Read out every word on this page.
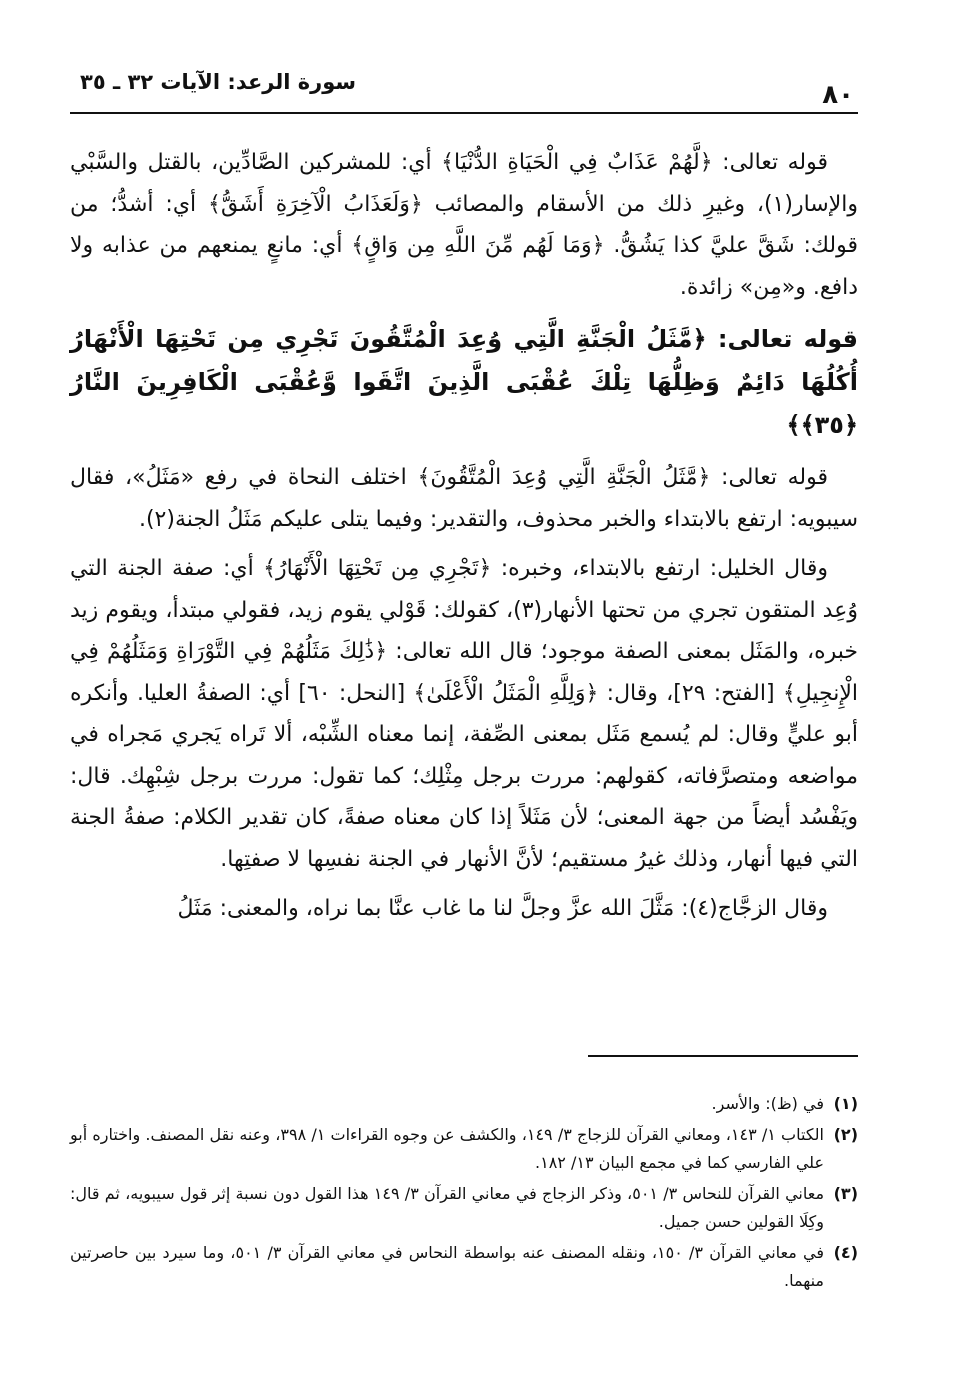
٨٠
سورة الرعد: الآيات ٣٢ ـ ٣٥

قوله تعالى: ﴿لَّهُمْ عَذَابٌ فِي الْحَيَاةِ الدُّنْيَا﴾ أي: للمشركين الصَّادِّين، بالقتل والسَّبْي والإسار(١)، وغيرِ ذلك من الأسقام والمصائب ﴿وَلَعَذَابُ الْآخِرَةِ أَشَقُّ﴾ أي: أشدُّ؛ من قولك: شَقَّ عليَّ كذا يَشُقُّ. ﴿وَمَا لَهُم مِّنَ اللَّهِ مِن وَاقٍ﴾ أي: مانعٍ يمنعهم من عذابه ولا دافع. و«مِن» زائدة.

قوله تعالى: ﴿مَّثَلُ الْجَنَّةِ الَّتِي وُعِدَ الْمُتَّقُونَ تَجْرِي مِن تَحْتِهَا الْأَنْهَارُ أُكُلُهَا دَائِمٌ وَظِلُّهَا تِلْكَ عُقْبَى الَّذِينَ اتَّقَوا وَّعُقْبَى الْكَافِرِينَ النَّارُ ﴿٣٥﴾﴾

قوله تعالى: ﴿مَّثَلُ الْجَنَّةِ الَّتِي وُعِدَ الْمُتَّقُونَ﴾ اختلف النحاة في رفع «مَثَلُ»، فقال سيبويه: ارتفع بالابتداء والخبر محذوف، والتقدير: وفيما يتلى عليكم مَثَلُ الجنة(٢).

وقال الخليل: ارتفع بالابتداء، وخبره: ﴿تَجْرِي مِن تَحْتِهَا الْأَنْهَارُ﴾ أي: صفة الجنة التي وُعِد المتقون تجري من تحتها الأنهار(٣)، كقولك: قَوْلي يقوم زيد، فقولي مبتدأ، ويقوم زيد خبره، والمَثَل بمعنى الصفة موجود؛ قال الله تعالى: ﴿ذَٰلِكَ مَثَلُهُمْ فِي التَّوْرَاةِ وَمَثَلُهُمْ فِي الْإِنجِيلِ﴾ [الفتح: ٢٩]، وقال: ﴿وَلِلَّهِ الْمَثَلُ الْأَعْلَىٰ﴾ [النحل: ٦٠] أي: الصفةُ العليا. وأنكره أبو عليٍّ وقال: لم يُسمع مَثَل بمعنى الصِّفة، إنما معناه الشِّبْه، ألا تَراه يَجري مَجراه في مواضعه ومتصرَّفاته، كقولهم: مررت برجل مِثْلِك؛ كما تقول: مررت برجل شِبْهِك. قال: ويَفْسُد أيضاً من جهة المعنى؛ لأن مَثَلاً إذا كان معناه صفةً، كان تقدير الكلام: صفةُ الجنة التي فيها أنهار، وذلك غيرُ مستقيم؛ لأنَّ الأنهار في الجنة نفسِها لا صفتِها.

وقال الزجَّاج(٤): مَثَّلَ الله عزَّ وجلَّ لنا ما غاب عنَّا بما نراه، والمعنى: مَثَلُ

(١)
في (ظ): والأسر.
(٢)
الكتاب ١/ ١٤٣، ومعاني القرآن للزجاج ٣/ ١٤٩، والكشف عن وجوه القراءات ١/ ٣٩٨، وعنه نقل المصنف. واختاره أبو علي الفارسي كما في مجمع البيان ١٣/ ١٨٢.
(٣)
معاني القرآن للنحاس ٣/ ٥٠١، وذكر الزجاج في معاني القرآن ٣/ ١٤٩ هذا القول دون نسبة إثر قول سيبويه، ثم قال: وكِلَا القولين حسن جميل.
(٤)
في معاني القرآن ٣/ ١٥٠، ونقله المصنف عنه بواسطة النحاس في معاني القرآن ٣/ ٥٠١، وما سيرد بين حاصرتين منهما.
